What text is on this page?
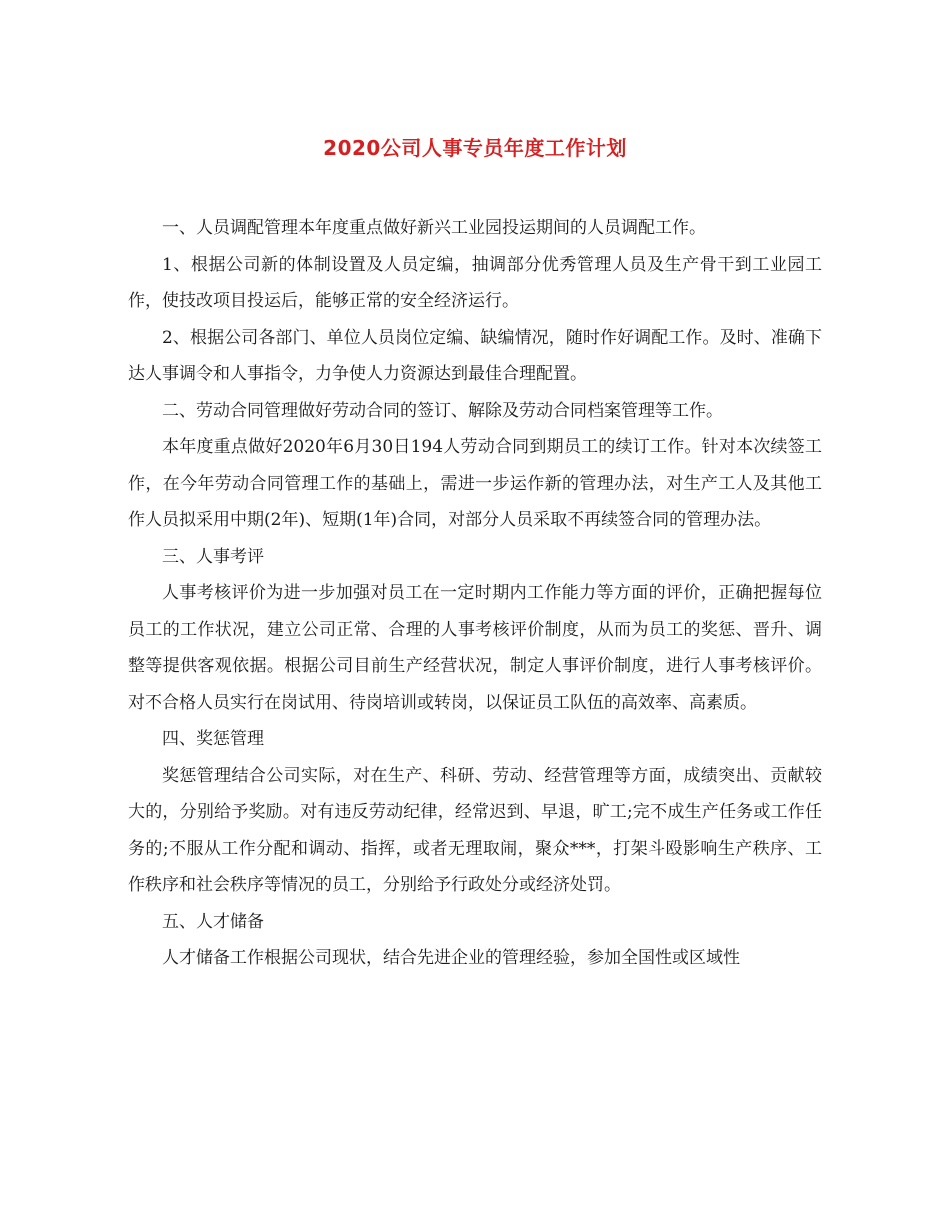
2020公司人事专员年度工作计划

一、人员调配管理本年度重点做好新兴工业园投运期间的人员调配工作。

1、根据公司新的体制设置及人员定编，抽调部分优秀管理人员及生产骨干到工业园工作，使技改项目投运后，能够正常的安全经济运行。

2、根据公司各部门、单位人员岗位定编、缺编情况，随时作好调配工作。及时、准确下达人事调令和人事指令，力争使人力资源达到最佳合理配置。

二、劳动合同管理做好劳动合同的签订、解除及劳动合同档案管理等工作。

本年度重点做好2020年6月30日194人劳动合同到期员工的续订工作。针对本次续签工作，在今年劳动合同管理工作的基础上，需进一步运作新的管理办法，对生产工人及其他工作人员拟采用中期(2年)、短期(1年)合同，对部分人员采取不再续签合同的管理办法。

三、人事考评

人事考核评价为进一步加强对员工在一定时期内工作能力等方面的评价，正确把握每位员工的工作状况，建立公司正常、合理的人事考核评价制度，从而为员工的奖惩、晋升、调整等提供客观依据。根据公司目前生产经营状况，制定人事评价制度，进行人事考核评价。对不合格人员实行在岗试用、待岗培训或转岗，以保证员工队伍的高效率、高素质。

四、奖惩管理

奖惩管理结合公司实际，对在生产、科研、劳动、经营管理等方面，成绩突出、贡献较大的，分别给予奖励。对有违反劳动纪律，经常迟到、早退，旷工;完不成生产任务或工作任务的;不服从工作分配和调动、指挥，或者无理取闹，聚众***，打架斗殴影响生产秩序、工作秩序和社会秩序等情况的员工，分别给予行政处分或经济处罚。

五、人才储备

人才储备工作根据公司现状，结合先进企业的管理经验，参加全国性或区域性
